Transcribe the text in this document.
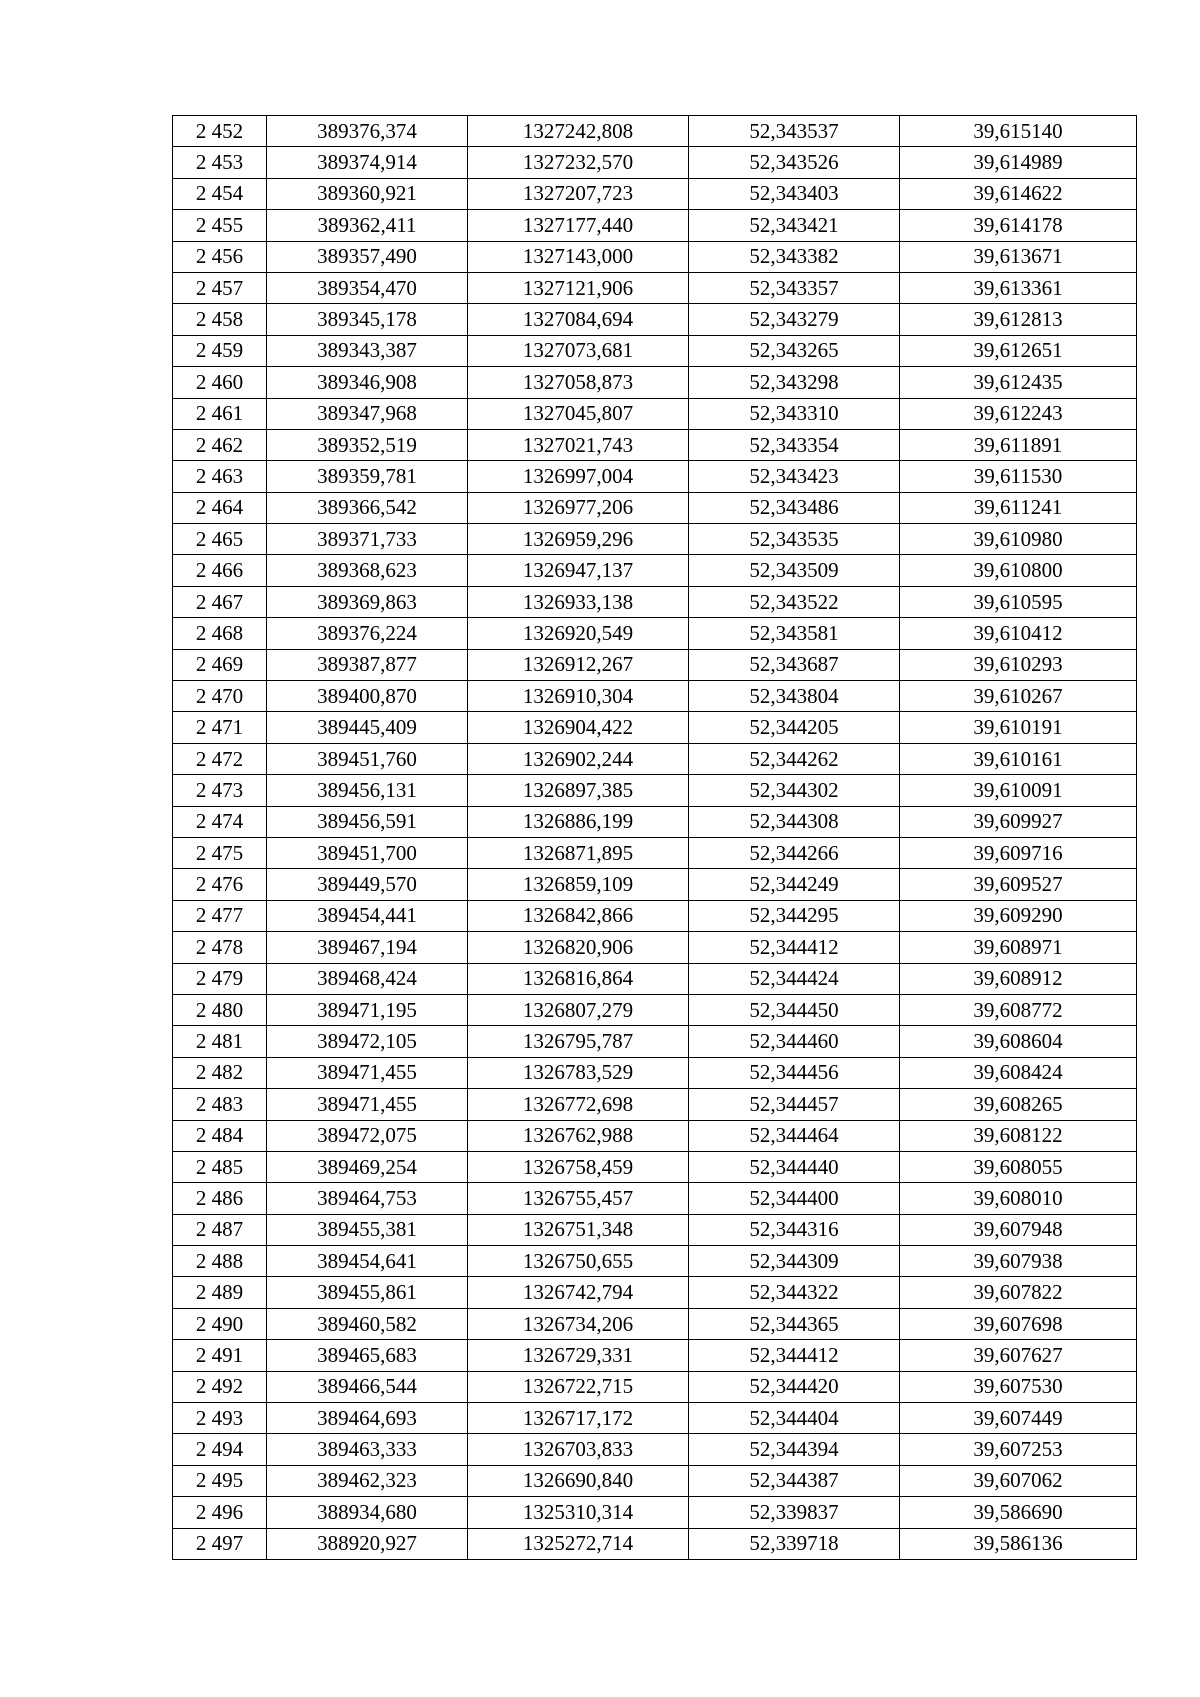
2 452	389376,374	1327242,808	52,343537	39,615140
2 453	389374,914	1327232,570	52,343526	39,614989
2 454	389360,921	1327207,723	52,343403	39,614622
2 455	389362,411	1327177,440	52,343421	39,614178
2 456	389357,490	1327143,000	52,343382	39,613671
2 457	389354,470	1327121,906	52,343357	39,613361
2 458	389345,178	1327084,694	52,343279	39,612813
2 459	389343,387	1327073,681	52,343265	39,612651
2 460	389346,908	1327058,873	52,343298	39,612435
2 461	389347,968	1327045,807	52,343310	39,612243
2 462	389352,519	1327021,743	52,343354	39,611891
2 463	389359,781	1326997,004	52,343423	39,611530
2 464	389366,542	1326977,206	52,343486	39,611241
2 465	389371,733	1326959,296	52,343535	39,610980
2 466	389368,623	1326947,137	52,343509	39,610800
2 467	389369,863	1326933,138	52,343522	39,610595
2 468	389376,224	1326920,549	52,343581	39,610412
2 469	389387,877	1326912,267	52,343687	39,610293
2 470	389400,870	1326910,304	52,343804	39,610267
2 471	389445,409	1326904,422	52,344205	39,610191
2 472	389451,760	1326902,244	52,344262	39,610161
2 473	389456,131	1326897,385	52,344302	39,610091
2 474	389456,591	1326886,199	52,344308	39,609927
2 475	389451,700	1326871,895	52,344266	39,609716
2 476	389449,570	1326859,109	52,344249	39,609527
2 477	389454,441	1326842,866	52,344295	39,609290
2 478	389467,194	1326820,906	52,344412	39,608971
2 479	389468,424	1326816,864	52,344424	39,608912
2 480	389471,195	1326807,279	52,344450	39,608772
2 481	389472,105	1326795,787	52,344460	39,608604
2 482	389471,455	1326783,529	52,344456	39,608424
2 483	389471,455	1326772,698	52,344457	39,608265
2 484	389472,075	1326762,988	52,344464	39,608122
2 485	389469,254	1326758,459	52,344440	39,608055
2 486	389464,753	1326755,457	52,344400	39,608010
2 487	389455,381	1326751,348	52,344316	39,607948
2 488	389454,641	1326750,655	52,344309	39,607938
2 489	389455,861	1326742,794	52,344322	39,607822
2 490	389460,582	1326734,206	52,344365	39,607698
2 491	389465,683	1326729,331	52,344412	39,607627
2 492	389466,544	1326722,715	52,344420	39,607530
2 493	389464,693	1326717,172	52,344404	39,607449
2 494	389463,333	1326703,833	52,344394	39,607253
2 495	389462,323	1326690,840	52,344387	39,607062
2 496	388934,680	1325310,314	52,339837	39,586690
2 497	388920,927	1325272,714	52,339718	39,586136
